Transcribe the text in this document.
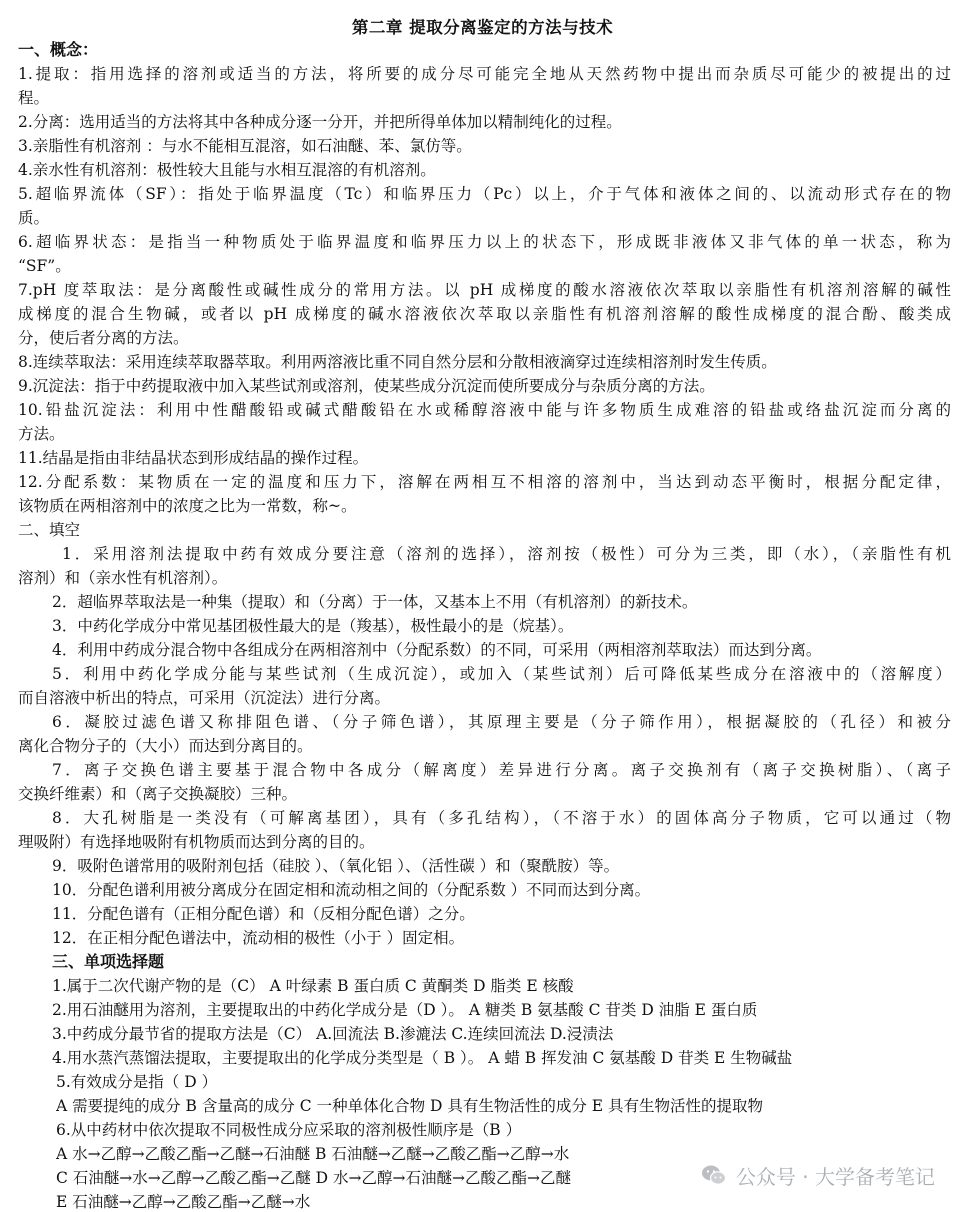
第二章 提取分离鉴定的方法与技术
一、概念：
1.提取：指用选择的溶剂或适当的方法，将所要的成分尽可能完全地从天然药物中提出而杂质尽可能少的被提出的过
程。
2.分离：选用适当的方法将其中各种成分逐一分开，并把所得单体加以精制纯化的过程。
3.亲脂性有机溶剂 ：与水不能相互混溶，如石油醚、苯、氯仿等。
4.亲水性有机溶剂：极性较大且能与水相互混溶的有机溶剂。
5.超临界流体（SF）：指处于临界温度（Tc）和临界压力（Pc）以上，介于气体和液体之间的、以流动形式存在的物
质。
6.超临界状态：是指当一种物质处于临界温度和临界压力以上的状态下，形成既非液体又非气体的单一状态，称为
“SF”。
7.pH 度萃取法：是分离酸性或碱性成分的常用方法。以 pH 成梯度的酸水溶液依次萃取以亲脂性有机溶剂溶解的碱性
成梯度的混合生物碱，或者以 pH 成梯度的碱水溶液依次萃取以亲脂性有机溶剂溶解的酸性成梯度的混合酚、酸类成
分，使后者分离的方法。
8.连续萃取法：采用连续萃取器萃取。利用两溶液比重不同自然分层和分散相液滴穿过连续相溶剂时发生传质。
9.沉淀法：指于中药提取液中加入某些试剂或溶剂，使某些成分沉淀而使所要成分与杂质分离的方法。
10.铅盐沉淀法：利用中性醋酸铅或碱式醋酸铅在水或稀醇溶液中能与许多物质生成难溶的铅盐或络盐沉淀而分离的
方法。
11.结晶是指由非结晶状态到形成结晶的操作过程。
12.分配系数：某物质在一定的温度和压力下，溶解在两相互不相溶的溶剂中，当达到动态平衡时，根据分配定律，
该物质在两相溶剂中的浓度之比为一常数，称~。
二、填空
1．采用溶剂法提取中药有效成分要注意（溶剂的选择），溶剂按（极性）可分为三类，即（水），（亲脂性有机
溶剂）和（亲水性有机溶剂）。
2．超临界萃取法是一种集（提取）和（分离）于一体，又基本上不用（有机溶剂）的新技术。
3．中药化学成分中常见基团极性最大的是（羧基），极性最小的是（烷基）。
4．利用中药成分混合物中各组成分在两相溶剂中（分配系数）的不同，可采用（两相溶剂萃取法）而达到分离。
5．利用中药化学成分能与某些试剂（生成沉淀），或加入（某些试剂）后可降低某些成分在溶液中的（溶解度）
而自溶液中析出的特点，可采用（沉淀法）进行分离。
6．凝胶过滤色谱又称排阻色谱、（分子筛色谱），其原理主要是（分子筛作用），根据凝胶的（孔径）和被分
离化合物分子的（大小）而达到分离目的。
7．离子交换色谱主要基于混合物中各成分（解离度）差异进行分离。离子交换剂有（离子交换树脂）、（离子
交换纤维素）和（离子交换凝胶）三种。
8．大孔树脂是一类没有（可解离基团），具有（多孔结构），（不溶于水）的固体高分子物质，它可以通过（物
理吸附）有选择地吸附有机物质而达到分离的目的。
9．吸附色谱常用的吸附剂包括（硅胶 ）、（氧化铝 ）、（活性碳 ）和（聚酰胺）等。
10．分配色谱利用被分离成分在固定相和流动相之间的（分配系数 ）不同而达到分离。
11．分配色谱有（正相分配色谱）和（反相分配色谱）之分。
12．在正相分配色谱法中，流动相的极性（小于 ）固定相。
三、单项选择题
1.属于二次代谢产物的是（C） A 叶绿素 B 蛋白质 C 黄酮类 D 脂类 E 核酸
2.用石油醚用为溶剂，主要提取出的中药化学成分是（D ）。 A 糖类 B 氨基酸 C 苷类 D 油脂 E 蛋白质
3.中药成分最节省的提取方法是（C） A.回流法 B.渗漉法 C.连续回流法 D.浸渍法
4.用水蒸汽蒸馏法提取，主要提取出的化学成分类型是（ B ）。 A 蜡 B 挥发油 C 氨基酸 D 苷类 E 生物碱盐
5.有效成分是指（ D ）
A 需要提纯的成分 B 含量高的成分 C 一种单体化合物 D 具有生物活性的成分 E 具有生物活性的提取物
6.从中药材中依次提取不同极性成分应采取的溶剂极性顺序是（B ）
A 水→乙醇→乙酸乙酯→乙醚→石油醚 B 石油醚→乙醚→乙酸乙酯→乙醇→水
C 石油醚→水→乙醇→乙酸乙酯→乙醚 D 水→乙醇→石油醚→乙酸乙酯→乙醚
E 石油醚→乙醇→乙酸乙酯→乙醚→水
公众号 · 大学备考笔记
